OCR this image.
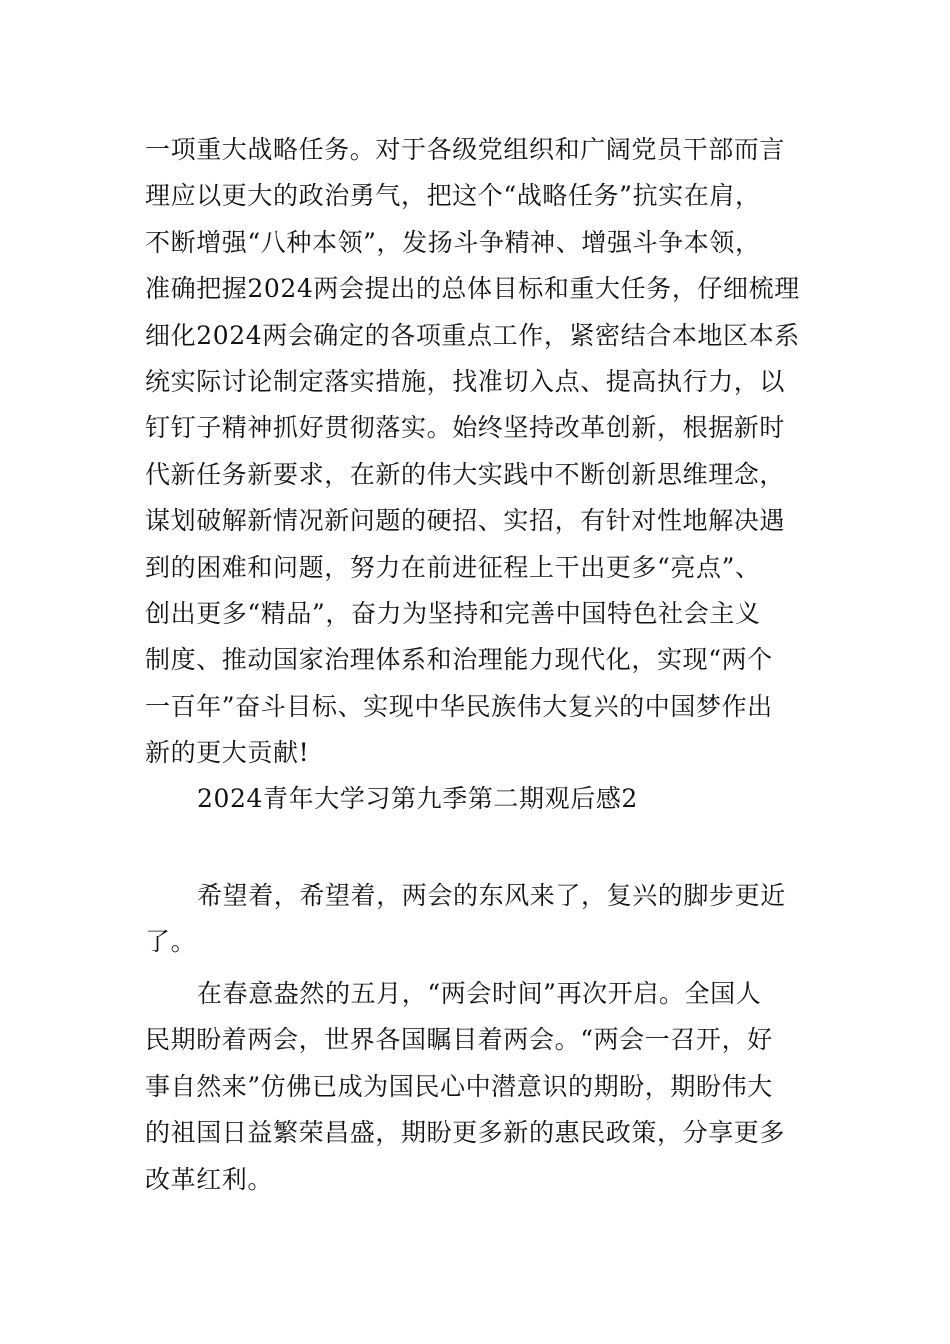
一项重大战略任务。对于各级党组织和广阔党员干部而言
理应以更大的政治勇气，把这个“战略任务”抗实在肩，
不断增强“八种本领”，发扬斗争精神、增强斗争本领，
准确把握2024两会提出的总体目标和重大任务，仔细梳理
细化2024两会确定的各项重点工作，紧密结合本地区本系
统实际讨论制定落实措施，找准切入点、提高执行力，以
钉钉子精神抓好贯彻落实。始终坚持改革创新，根据新时
代新任务新要求，在新的伟大实践中不断创新思维理念，
谋划破解新情况新问题的硬招、实招，有针对性地解决遇
到的困难和问题，努力在前进征程上干出更多“亮点”、
创出更多“精品”，奋力为坚持和完善中国特色社会主义
制度、推动国家治理体系和治理能力现代化，实现“两个
一百年”奋斗目标、实现中华民族伟大复兴的中国梦作出
新的更大贡献!
2024青年大学习第九季第二期观后感2
希望着，希望着，两会的东风来了，复兴的脚步更近
了。
在春意盎然的五月，“两会时间”再次开启。全国人
民期盼着两会，世界各国瞩目着两会。“两会一召开，好
事自然来”仿佛已成为国民心中潜意识的期盼，期盼伟大
的祖国日益繁荣昌盛，期盼更多新的惠民政策，分享更多
改革红利。
